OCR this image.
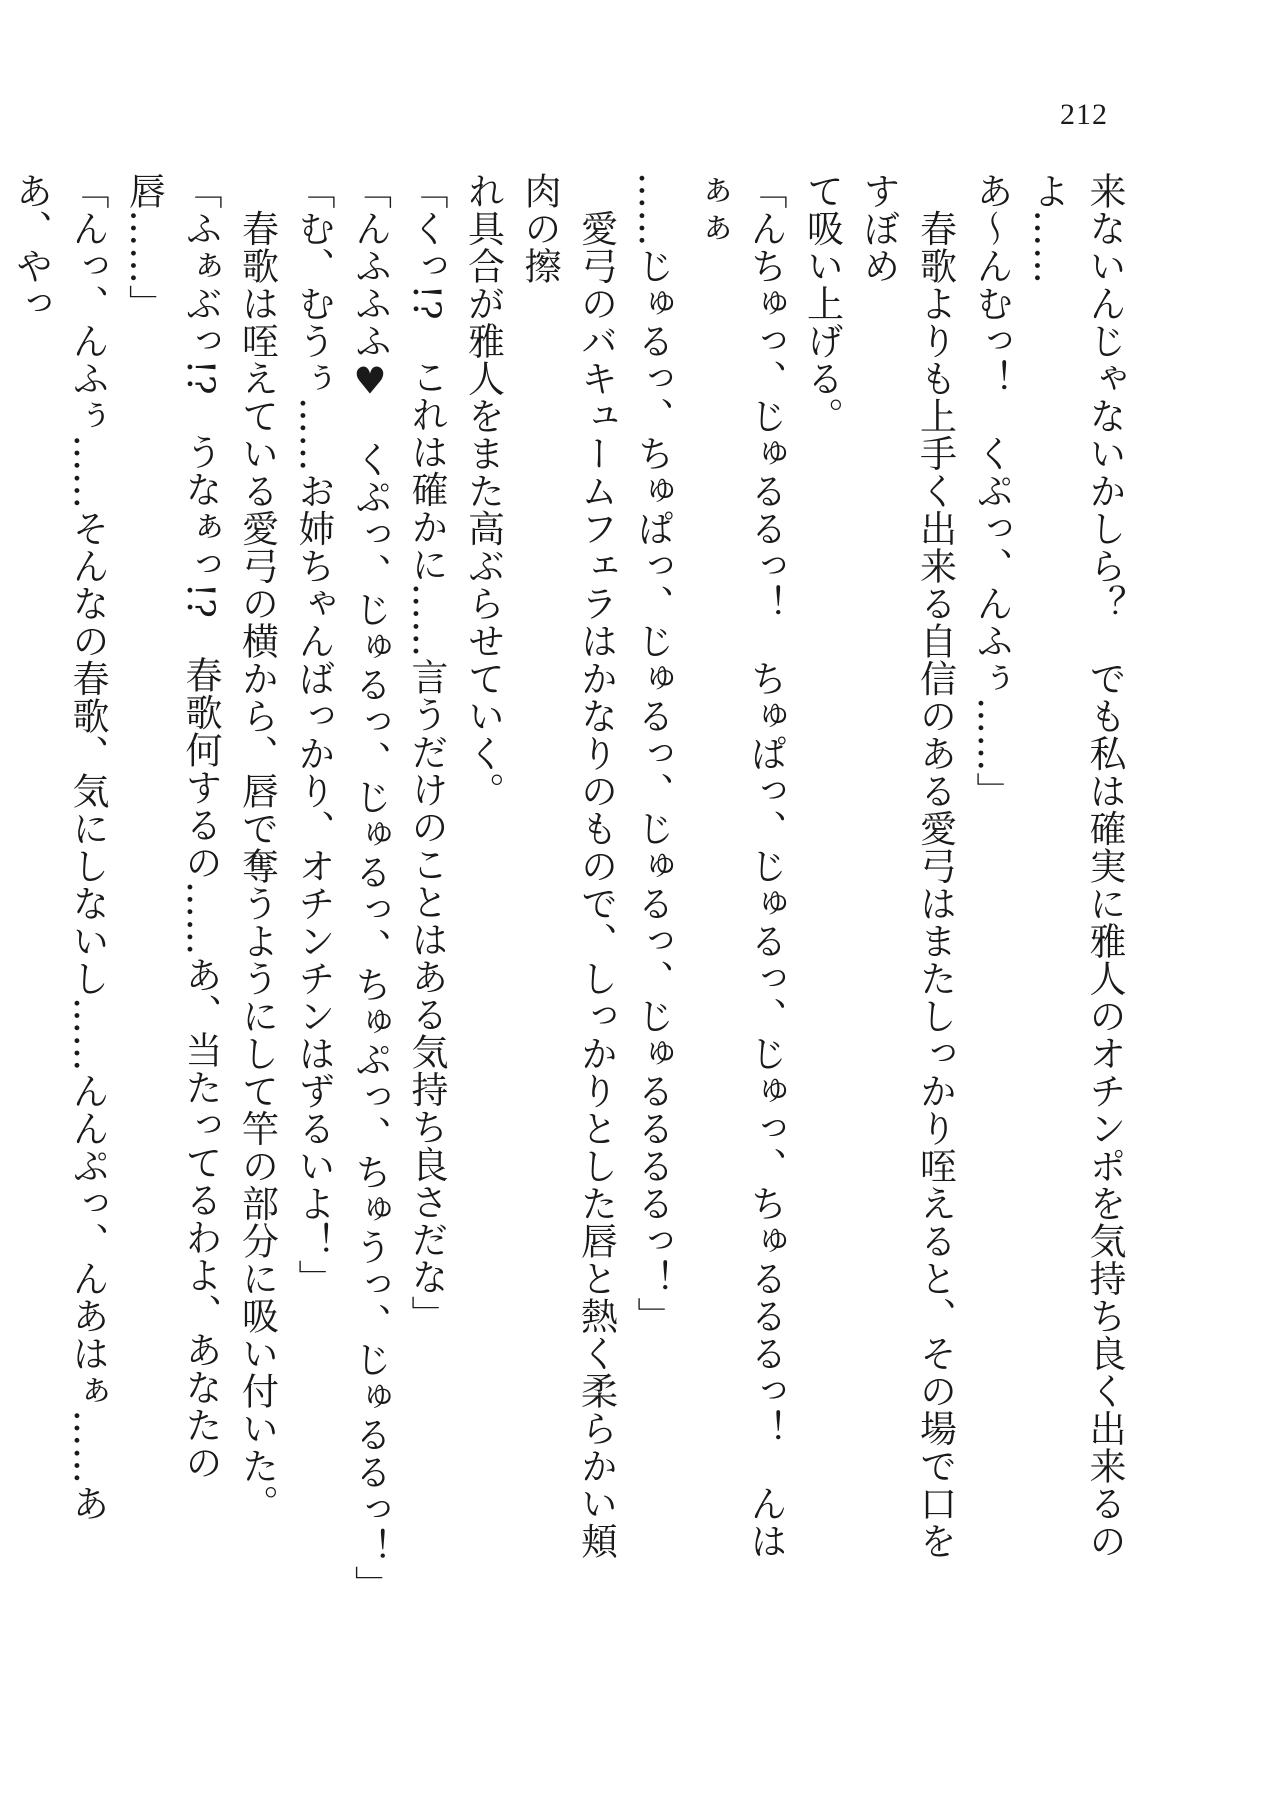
212

来ないんじゃないかしら？　でも私は確実に雅人のオチンポを気持ち良く出来るのよ……

あ〜んむっ！　くぷっ、んふぅ……」

　春歌よりも上手く出来る自信のある愛弓はまたしっかり咥えると、その場で口をすぼめ

て吸い上げる。

「んちゅっ、じゅるるっ！　ちゅぱっ、じゅるっ、じゅっ、ちゅるるるっ！　んはぁぁ

……じゅるっ、ちゅぱっ、じゅるっ、じゅるっ、じゅるるるるっ！」

　愛弓のバキュームフェラはかなりのもので、しっかりとした唇と熱く柔らかい頬肉の擦

れ具合が雅人をまた高ぶらせていく。

「くっ!?　これは確かに……言うだけのことはある気持ち良さだな」

「んふふふ♥　くぷっ、じゅるっ、じゅるっ、ちゅぷっ、ちゅうっ、じゅるるっ！」

「む、むうぅ……お姉ちゃんばっかり、オチンチンはずるいよ！」

　春歌は咥えている愛弓の横から、唇で奪うようにして竿の部分に吸い付いた。

「ふぁぶっ!?　うなぁっ!?　春歌何するの……あ、当たってるわよ、あなたの唇……」

「んっ、んふぅ……そんなの春歌、気にしないし……んんぷっ、んあはぁ……ああ、やっ
